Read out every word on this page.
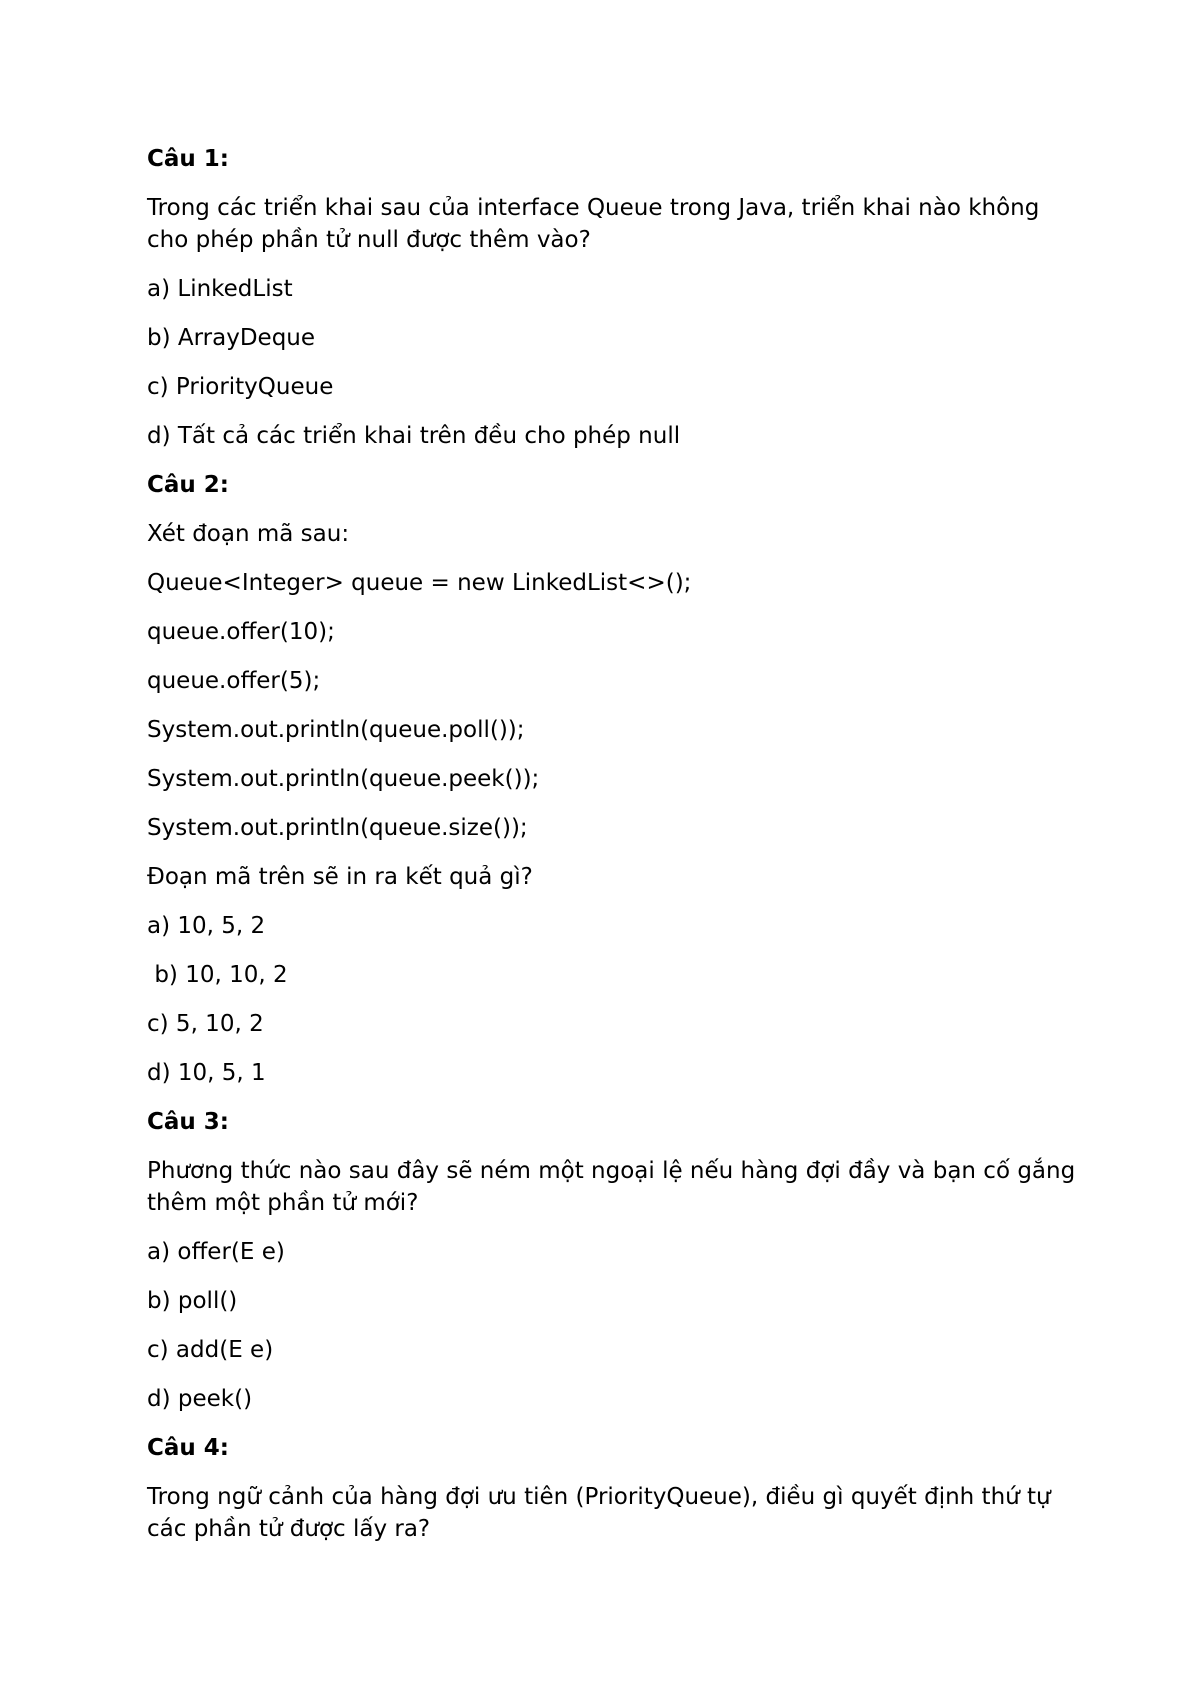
Câu 1:
Trong các triển khai sau của interface Queue trong Java, triển khai nào không cho phép phần tử null được thêm vào?
a) LinkedList
b) ArrayDeque
c) PriorityQueue
d) Tất cả các triển khai trên đều cho phép null
Câu 2:
Xét đoạn mã sau:
Queue<Integer> queue = new LinkedList<>();
queue.offer(10);
queue.offer(5);
System.out.println(queue.poll());
System.out.println(queue.peek());
System.out.println(queue.size());
Đoạn mã trên sẽ in ra kết quả gì?
a) 10, 5, 2
b) 10, 10, 2
c) 5, 10, 2
d) 10, 5, 1
Câu 3:
Phương thức nào sau đây sẽ ném một ngoại lệ nếu hàng đợi đầy và bạn cố gắng thêm một phần tử mới?
a) offer(E e)
b) poll()
c) add(E e)
d) peek()
Câu 4:
Trong ngữ cảnh của hàng đợi ưu tiên (PriorityQueue), điều gì quyết định thứ tự các phần tử được lấy ra?
